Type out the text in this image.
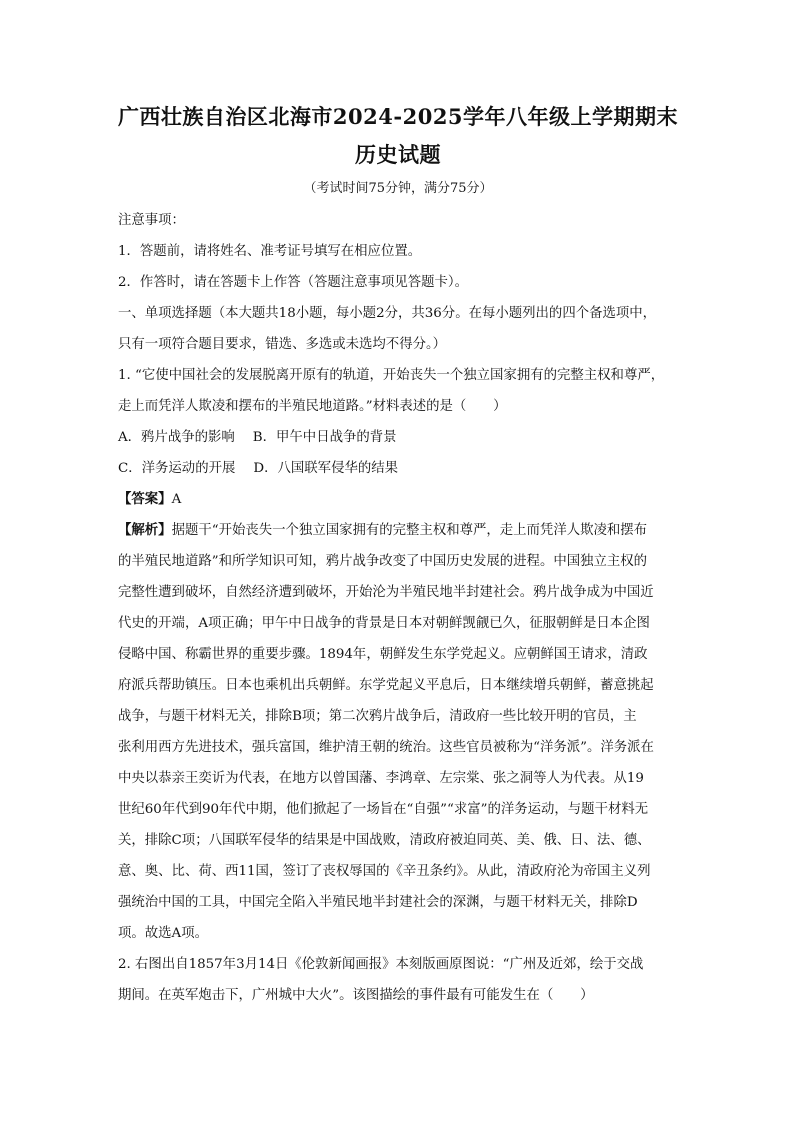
广西壮族自治区北海市2024-2025学年八年级上学期期末
历史试题
（考试时间75分钟，满分75分）

注意事项：

1．答题前，请将姓名、准考证号填写在相应位置。

2．作答时，请在答题卡上作答（答题注意事项见答题卡）。

一、单项选择题（本大题共18小题，每小题2分，共36分。在每小题列出的四个备选项中，

只有一项符合题目要求，错选、多选或未选均不得分。）

1. “它使中国社会的发展脱离开原有的轨道，开始丧失一个独立国家拥有的完整主权和尊严，

走上而凭洋人欺凌和摆布的半殖民地道路。”材料表述的是（　　）

A．鸦片战争的影响 B．甲午中日战争的背景
C．洋务运动的开展 D．八国联军侵华的结果

【答案】A

【解析】据题干“开始丧失一个独立国家拥有的完整主权和尊严，走上而凭洋人欺凌和摆布

的半殖民地道路”和所学知识可知，鸦片战争改变了中国历史发展的进程。中国独立主权的

完整性遭到破坏，自然经济遭到破坏，开始沦为半殖民地半封建社会。鸦片战争成为中国近

代史的开端，A项正确；甲午中日战争的背景是日本对朝鲜觊觎已久，征服朝鲜是日本企图

侵略中国、称霸世界的重要步骤。1894年，朝鲜发生东学党起义。应朝鲜国王请求，清政

府派兵帮助镇压。日本也乘机出兵朝鲜。东学党起义平息后，日本继续增兵朝鲜，蓄意挑起

战争，与题干材料无关，排除B项；第二次鸦片战争后，清政府一些比较开明的官员，主

张利用西方先进技术，强兵富国，维护清王朝的统治。这些官员被称为“洋务派”。洋务派在

中央以恭亲王奕䜣为代表，在地方以曾国藩、李鸿章、左宗棠、张之洞等人为代表。从19

世纪60年代到90年代中期，他们掀起了一场旨在“自强”“求富”的洋务运动，与题干材料无

关，排除C项；八国联军侵华的结果是中国战败，清政府被迫同英、美、俄、日、法、德、

意、奥、比、荷、西11国，签订了丧权辱国的《辛丑条约》。从此，清政府沦为帝国主义列

强统治中国的工具，中国完全陷入半殖民地半封建社会的深渊，与题干材料无关，排除D

项。故选A项。

2. 右图出自1857年3月14日《伦敦新闻画报》本刻版画原图说：“广州及近郊，绘于交战

期间。在英军炮击下，广州城中大火”。该图描绘的事件最有可能发生在（　　）
